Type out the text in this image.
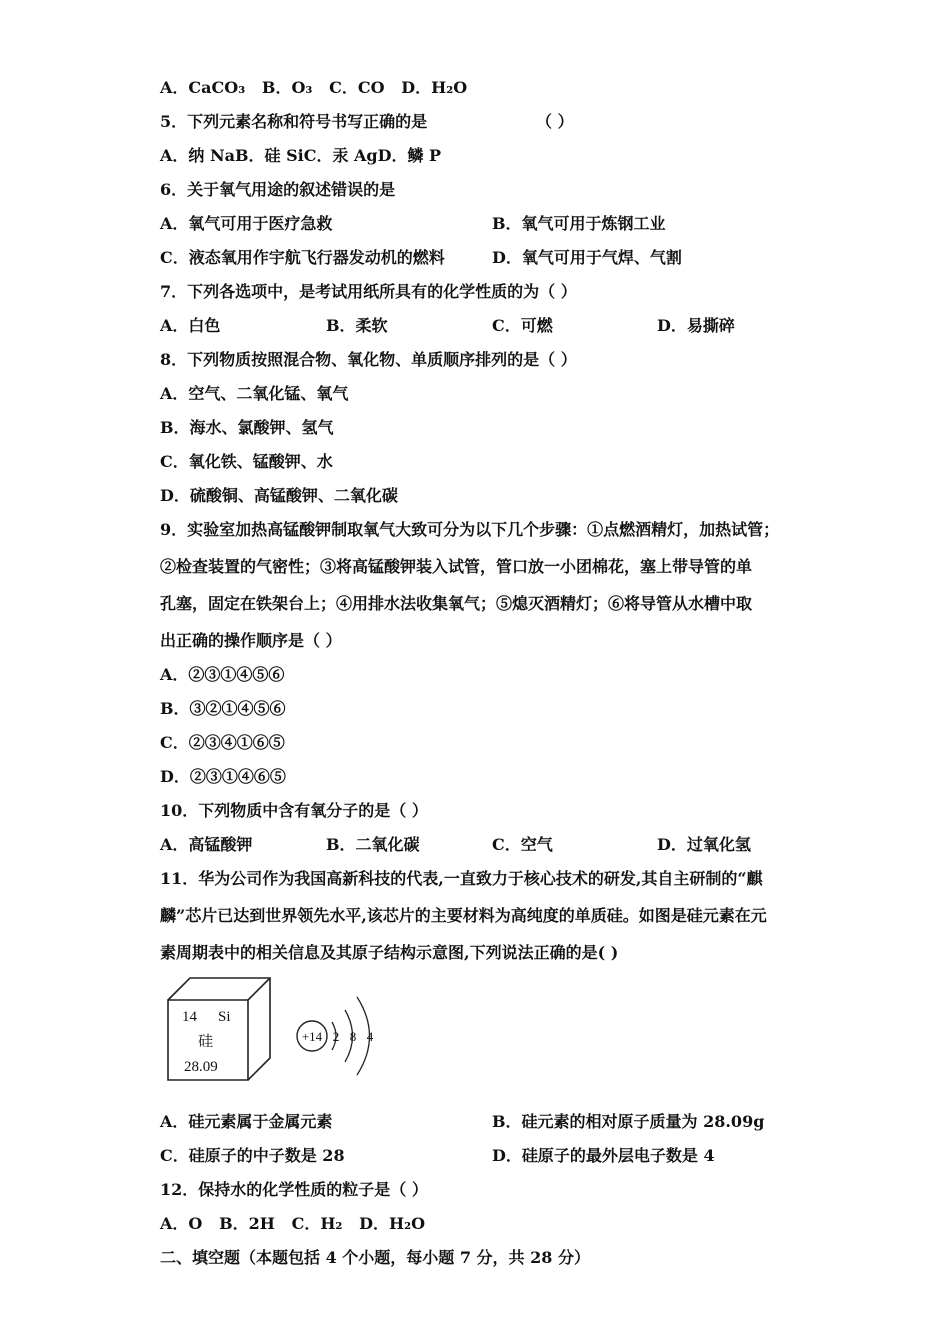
A．CaCO₃ B．O₃ C．CO D．H₂O
5．下列元素名称和符号书写正确的是	（ ）
A．纳 NaB．硅 SiC．汞 AgD．鳞 P
6．关于氧气用途的叙述错误的是
A．氧气可用于医疗急救	B．氧气可用于炼钢工业
C．液态氧用作宇航飞行器发动机的燃料	D．氧气可用于气焊、气割
7．下列各选项中，是考试用纸所具有的化学性质的为（ ）
A．白色	B．柔软	C．可燃	D．易撕碎
8．下列物质按照混合物、氧化物、单质顺序排列的是（ ）
A．空气、二氧化锰、氧气
B．海水、氯酸钾、氢气
C．氧化铁、锰酸钾、水
D．硫酸铜、高锰酸钾、二氧化碳
9．实验室加热高锰酸钾制取氧气大致可分为以下几个步骤：①点燃酒精灯，加热试管；
②检查装置的气密性；③将高锰酸钾装入试管，管口放一小团棉花，塞上带导管的单
孔塞，固定在铁架台上；④用排水法收集氧气；⑤熄灭酒精灯；⑥将导管从水槽中取
出正确的操作顺序是（ ）
A．②③①④⑤⑥
B．③②①④⑤⑥
C．②③④①⑥⑤
D．②③①④⑥⑤
10．下列物质中含有氧分子的是（ ）
A．高锰酸钾	B．二氧化碳	C．空气	D．过氧化氢
11．华为公司作为我国高新科技的代表,一直致力于核心技术的研发,其自主研制的“麒
麟”芯片已达到世界领先水平,该芯片的主要材料为高纯度的单质硅。如图是硅元素在元
素周期表中的相关信息及其原子结构示意图,下列说法正确的是( )
14 Si
硅
28.09
+14 2 8 4
A．硅元素属于金属元素	B．硅元素的相对原子质量为 28.09g
C．硅原子的中子数是 28	D．硅原子的最外层电子数是 4
12．保持水的化学性质的粒子是（ ）
A．O B．2H C．H₂ D．H₂O
二、填空题（本题包括 4 个小题，每小题 7 分，共 28 分）
